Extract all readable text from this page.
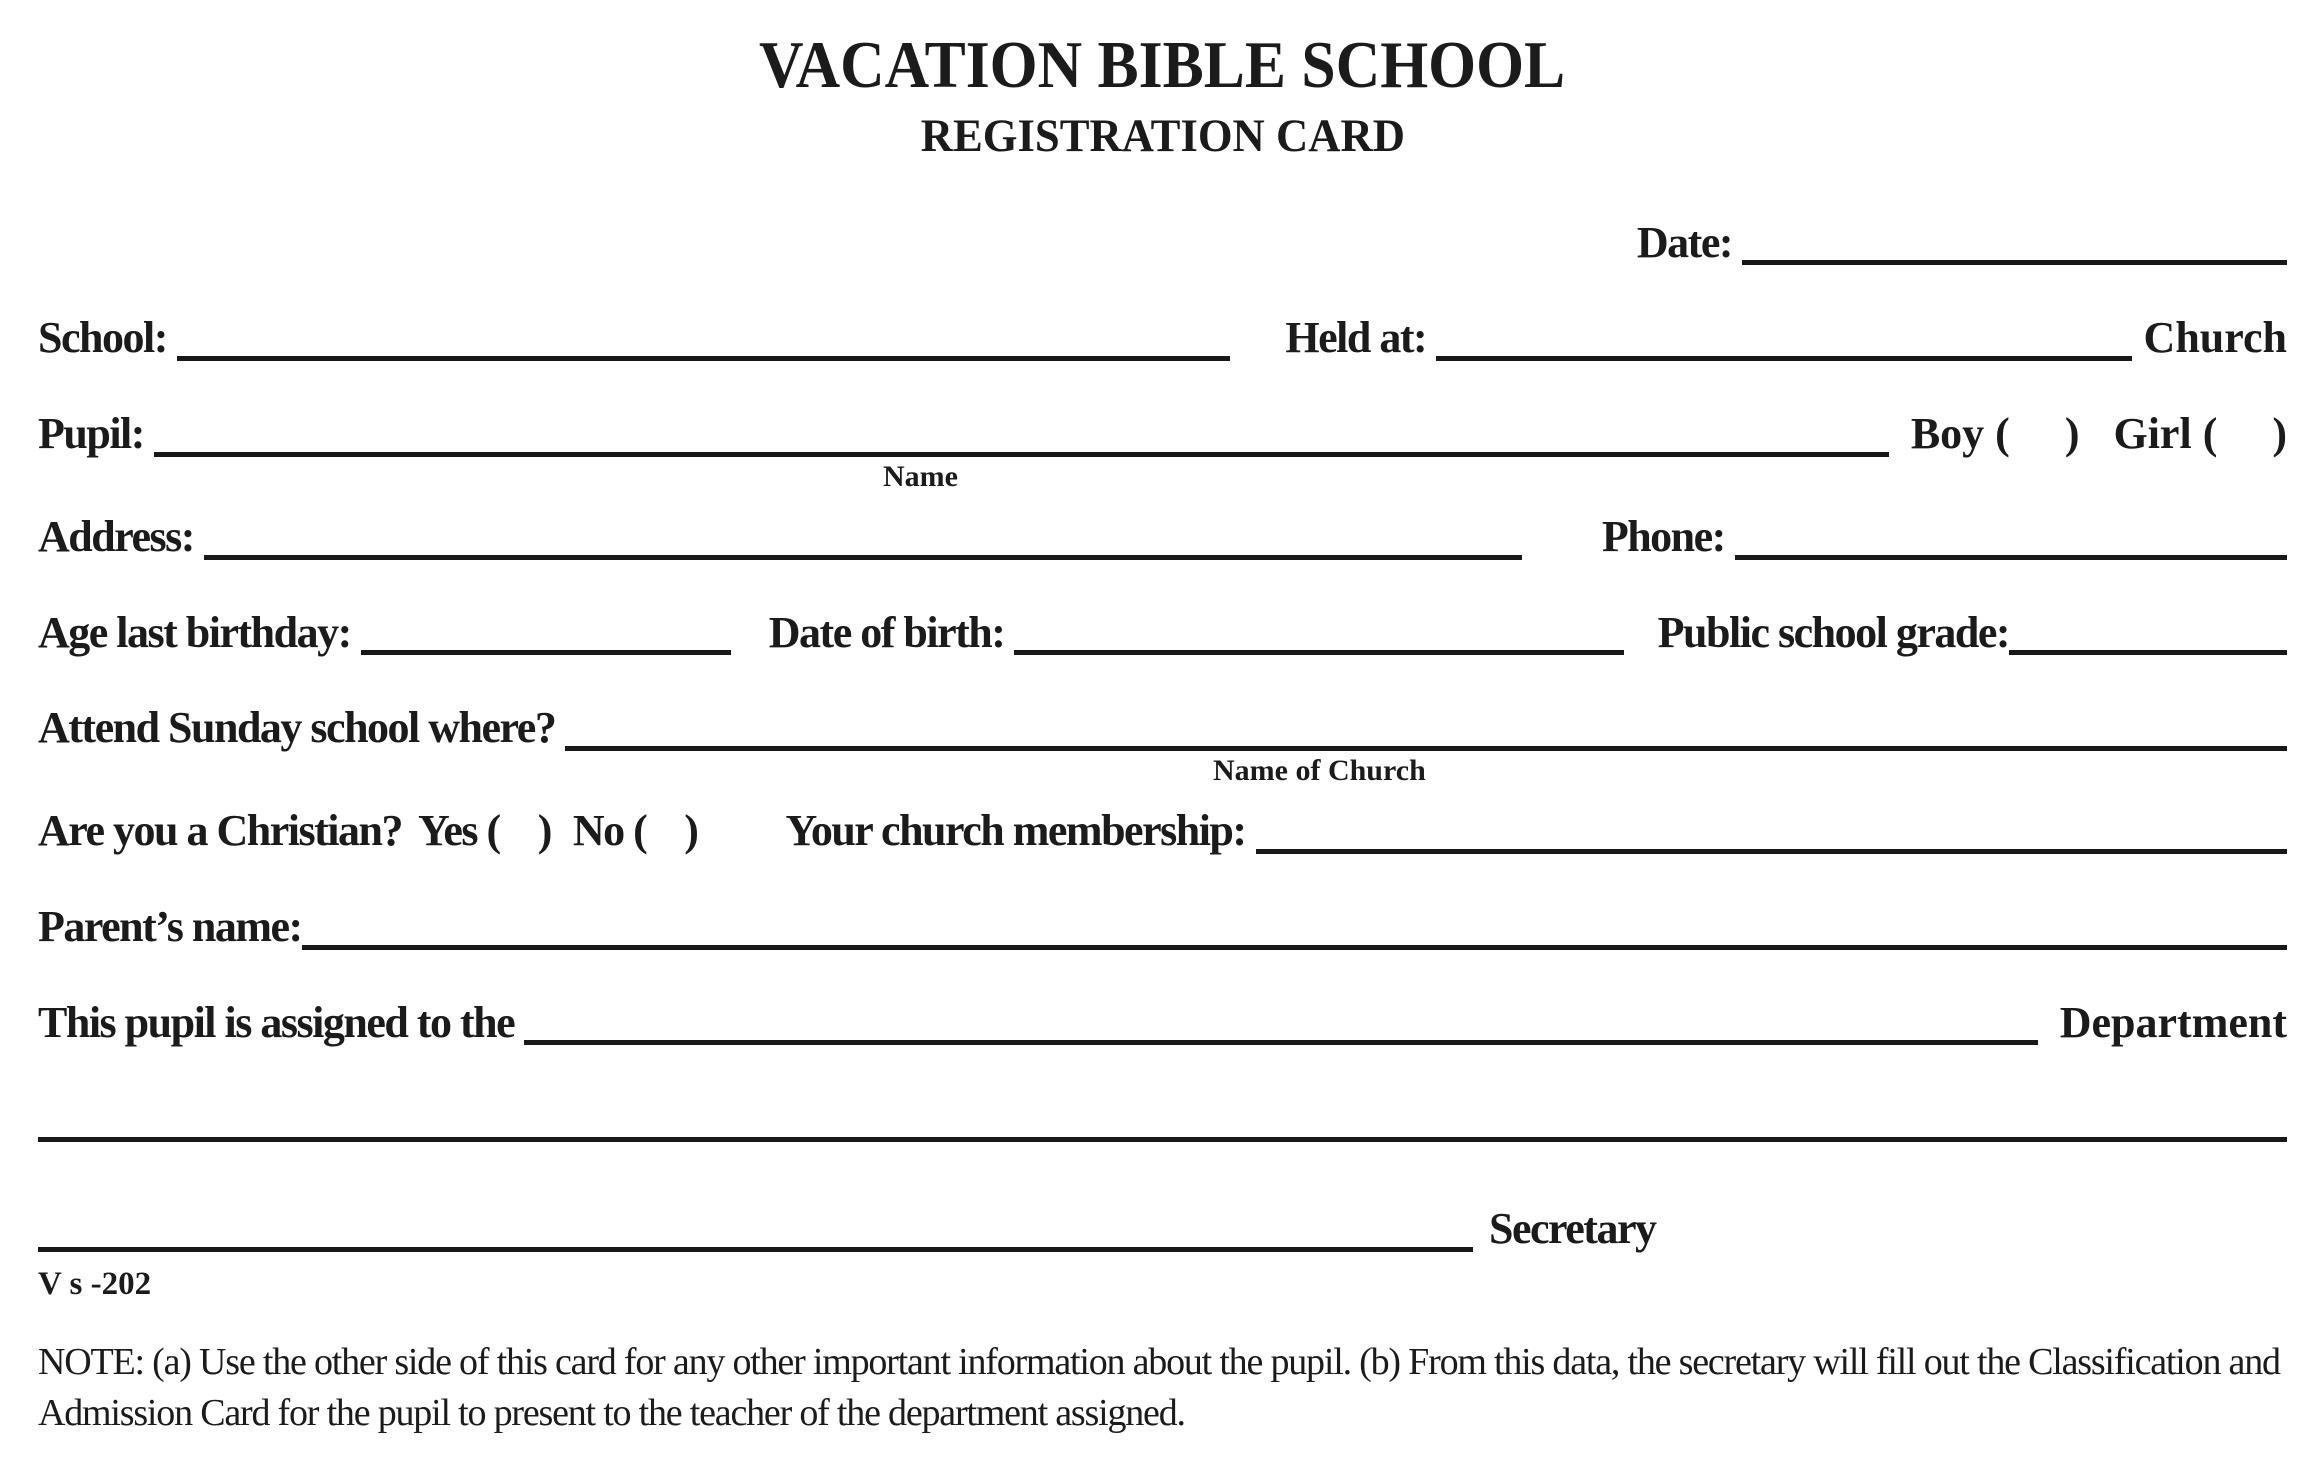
VACATION BIBLE SCHOOL
REGISTRATION CARD
Date:
School:	Held at:	Church
Pupil:	Boy (     ) Girl (     )
Name
Address:	Phone:
Age last birthday:	Date of birth:	Public school grade:
Attend Sunday school where?
Name of Church
Are you a Christian? Yes (    ) No (    ) Your church membership:
Parent’s name:
This pupil is assigned to the	Department
Secretary
V s -202

NOTE: (a) Use the other side of this card for any other important information about the pupil. (b) From this data, the secretary will fill out the Classification and Admission Card for the pupil to present to the teacher of the department assigned.
